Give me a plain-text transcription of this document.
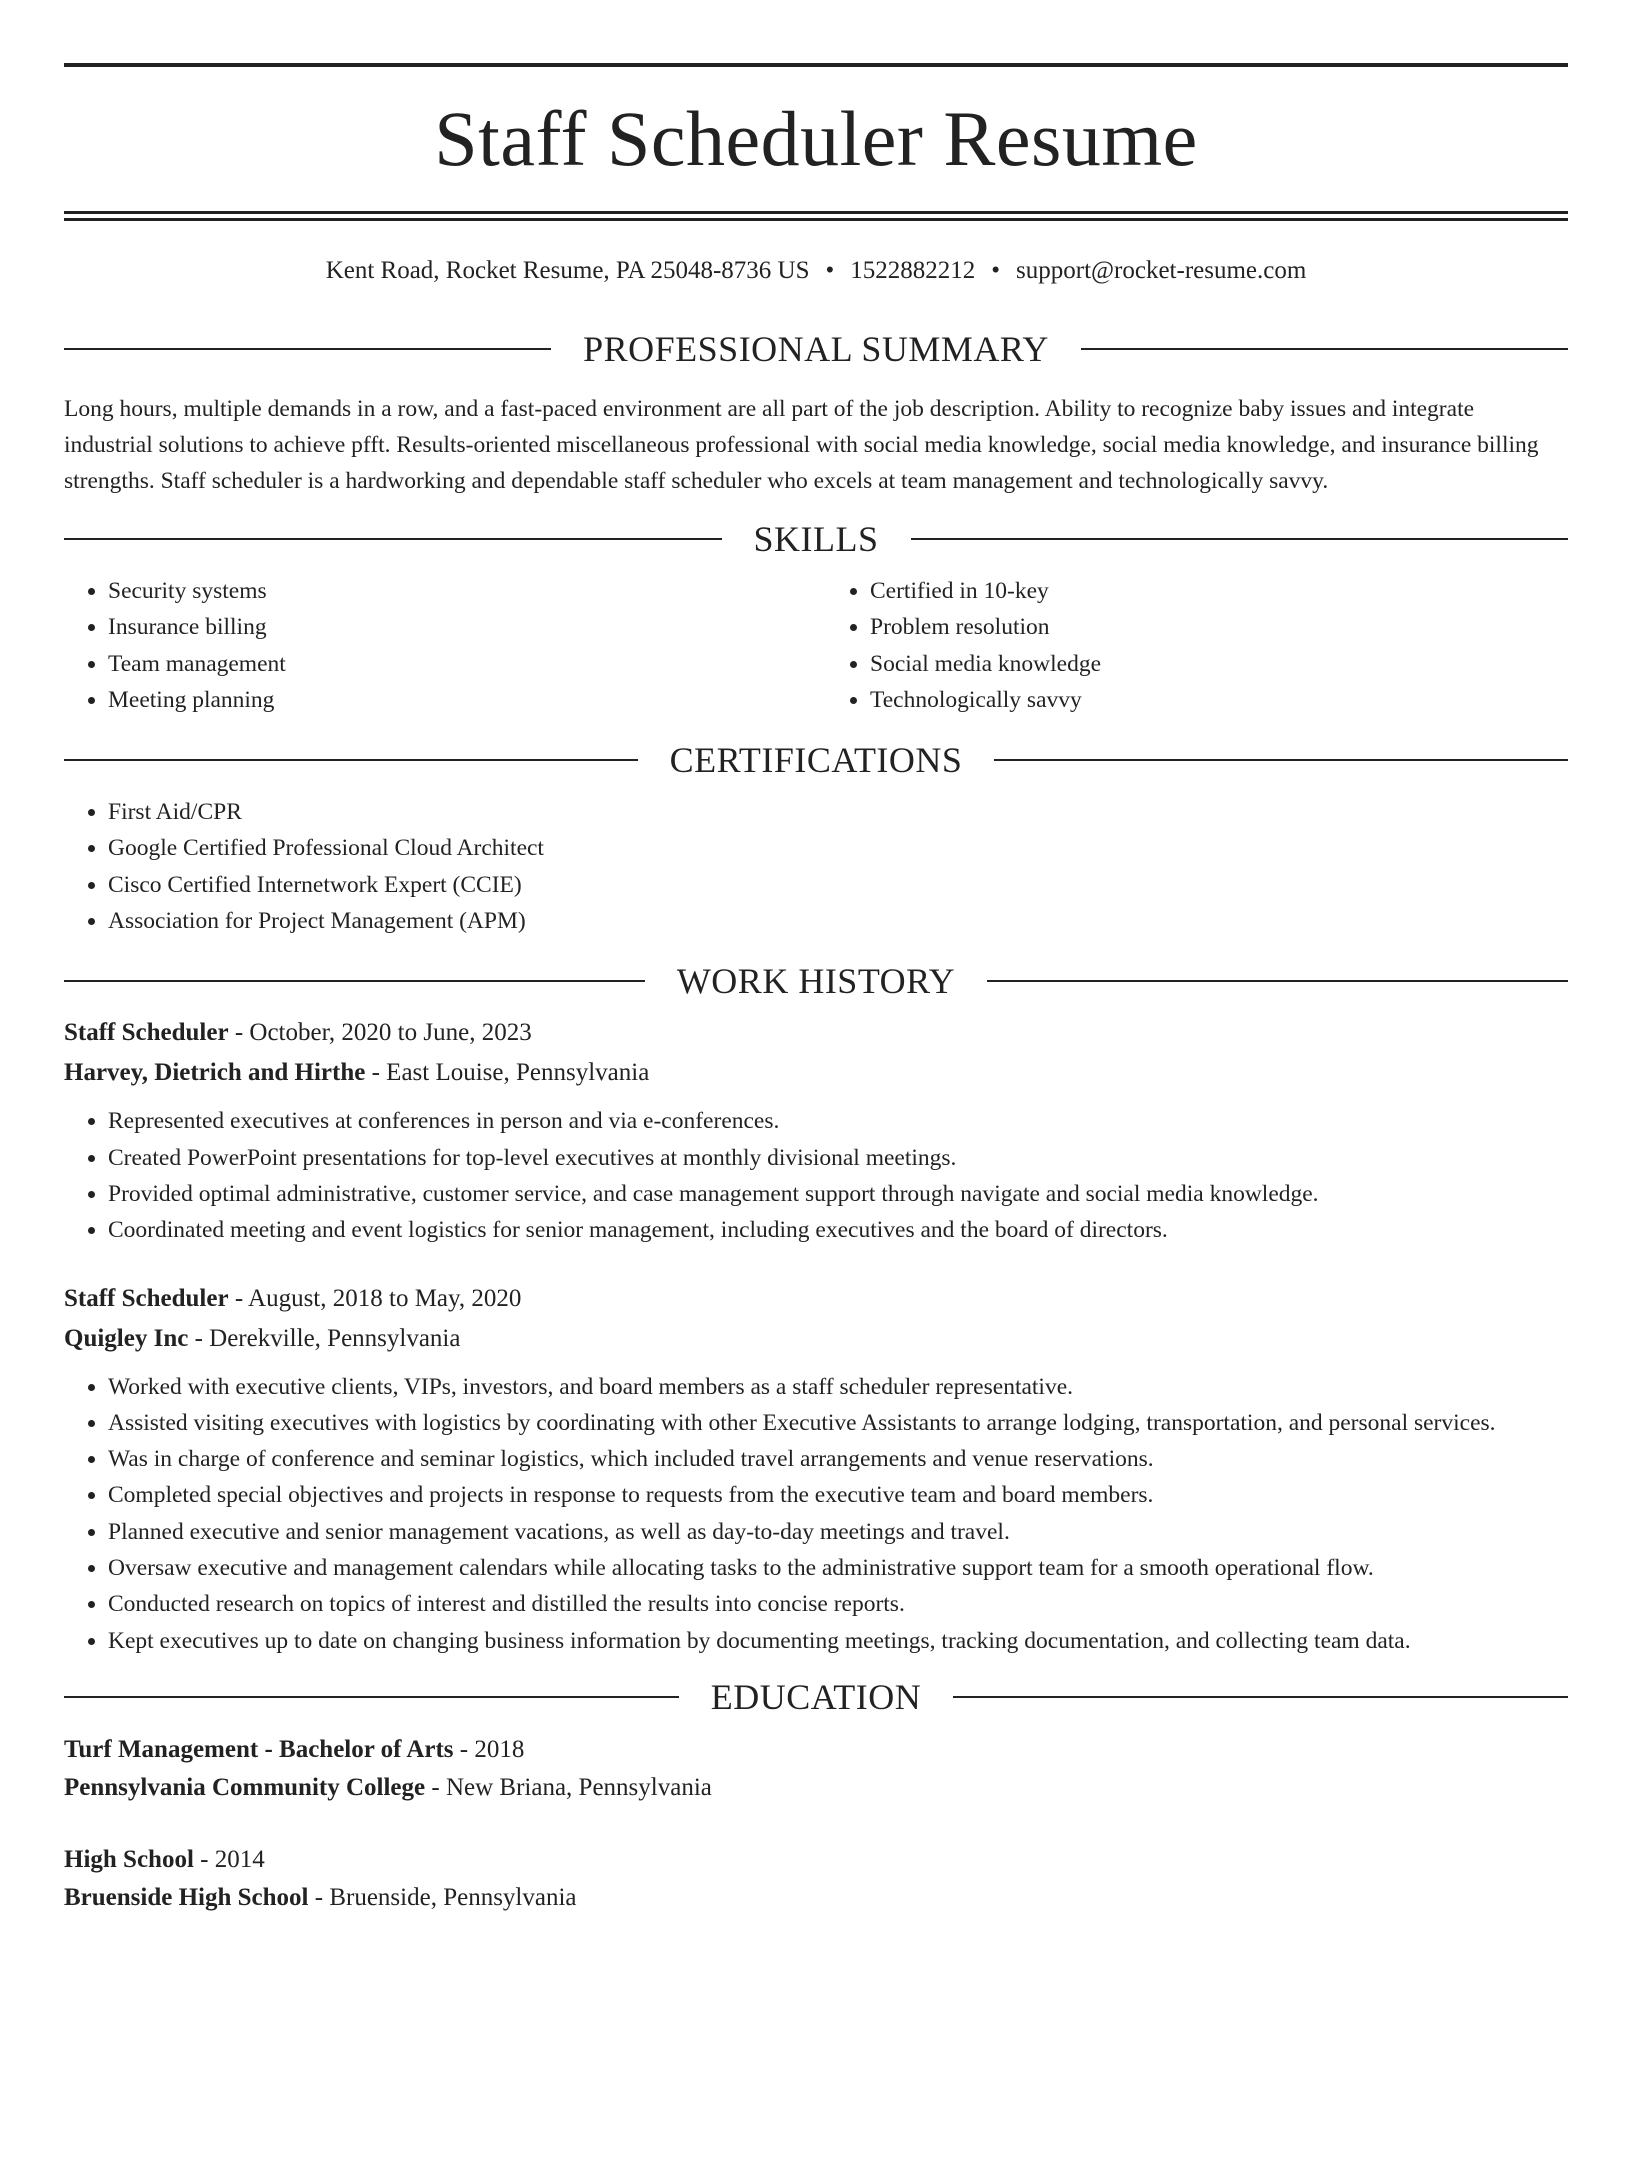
Staff Scheduler Resume
Kent Road, Rocket Resume, PA 25048-8736 US • 1522882212 • support@rocket-resume.com
PROFESSIONAL SUMMARY

Long hours, multiple demands in a row, and a fast-paced environment are all part of the job description. Ability to recognize baby issues and integrate industrial solutions to achieve pfft. Results-oriented miscellaneous professional with social media knowledge, social media knowledge, and insurance billing strengths. Staff scheduler is a hardworking and dependable staff scheduler who excels at team management and technologically savvy.

SKILLS
• Security systems
• Insurance billing
• Team management
• Meeting planning
• Certified in 10-key
• Problem resolution
• Social media knowledge
• Technologically savvy
CERTIFICATIONS
• First Aid/CPR
• Google Certified Professional Cloud Architect
• Cisco Certified Internetwork Expert (CCIE)
• Association for Project Management (APM)
WORK HISTORY
Staff Scheduler - October, 2020 to June, 2023
Harvey, Dietrich and Hirthe - East Louise, Pennsylvania
• Represented executives at conferences in person and via e-conferences.
• Created PowerPoint presentations for top-level executives at monthly divisional meetings.
• Provided optimal administrative, customer service, and case management support through navigate and social media knowledge.
• Coordinated meeting and event logistics for senior management, including executives and the board of directors.
Staff Scheduler - August, 2018 to May, 2020
Quigley Inc - Derekville, Pennsylvania
• Worked with executive clients, VIPs, investors, and board members as a staff scheduler representative.
• Assisted visiting executives with logistics by coordinating with other Executive Assistants to arrange lodging, transportation, and personal services.
• Was in charge of conference and seminar logistics, which included travel arrangements and venue reservations.
• Completed special objectives and projects in response to requests from the executive team and board members.
• Planned executive and senior management vacations, as well as day-to-day meetings and travel.
• Oversaw executive and management calendars while allocating tasks to the administrative support team for a smooth operational flow.
• Conducted research on topics of interest and distilled the results into concise reports.
• Kept executives up to date on changing business information by documenting meetings, tracking documentation, and collecting team data.
EDUCATION
Turf Management - Bachelor of Arts - 2018
Pennsylvania Community College - New Briana, Pennsylvania
High School - 2014
Bruenside High School - Bruenside, Pennsylvania
